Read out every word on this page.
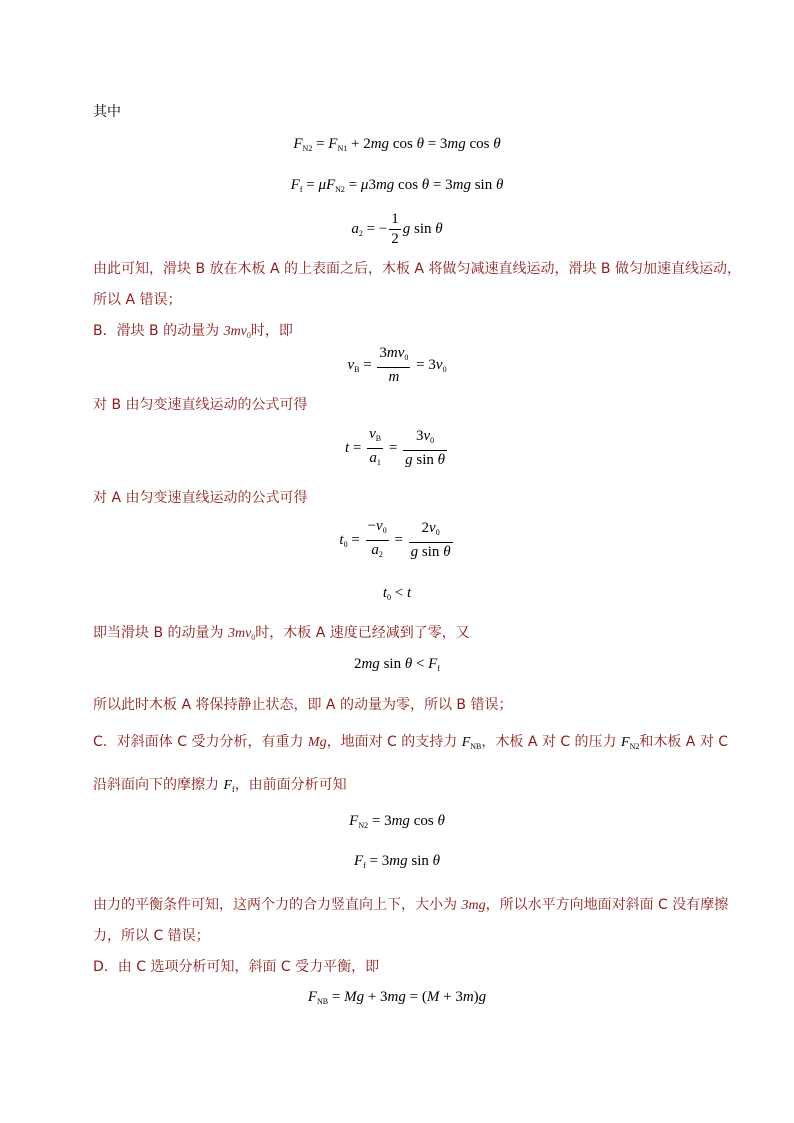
其中
$F_{N2} = F_{N1} + 2mg$ cos θ = 3mg cos θ
$F_f = \mu F_{N2} = \mu 3mg$ cos θ = 3mg sin θ
$a_2$ = − $\frac{1}{2}$ g sin θ
由此可知，滑块 B 放在木板 A 的上表面之后，木板 A 将做匀减速直线运动，滑块 B 做匀加速直线运动，
所以 A 错误；
B．滑块 B 的动量为 $3mv_0$时，即
$v_B = \frac{3mv_0}{m} = 3v_0$
对 B 由匀变速直线运动的公式可得
$t = \frac{v_B}{a_1} = \frac{3v_0}{\text{g sin θ}}$
对 A 由匀变速直线运动的公式可得
$t_0 = \frac{-v_0}{a_2} = \frac{2v_0}{\text{g sin θ}}$
$t_0 < t$
即当滑块 B 的动量为 $3mv_0$时，木板 A 速度已经减到了零，又
2mg $\sin \theta < F_f$
所以此时木板 A 将保持静止状态，即 A 的动量为零，所以 B 错误；
C．对斜面体 C 受力分析，有重力 Mg，地面对 C 的支持力 $F_{NB}$，木板 A 对 C 的压力 $F_{N2}$和木板 A 对 C
沿斜面向下的摩擦力 $F_f$，由前面分析可知
$F_{N2} = 3mg$ cos θ
$F_f = 3mg$ sin θ
由力的平衡条件可知，这两个力的合力竖直向上下，大小为 3mg，所以水平方向地面对斜面 C 没有摩擦
力，所以 C 错误；
D．由 C 选项分析可知，斜面 C 受力平衡，即
$F_{NB} = Mg + 3mg = (M + 3m)g$
